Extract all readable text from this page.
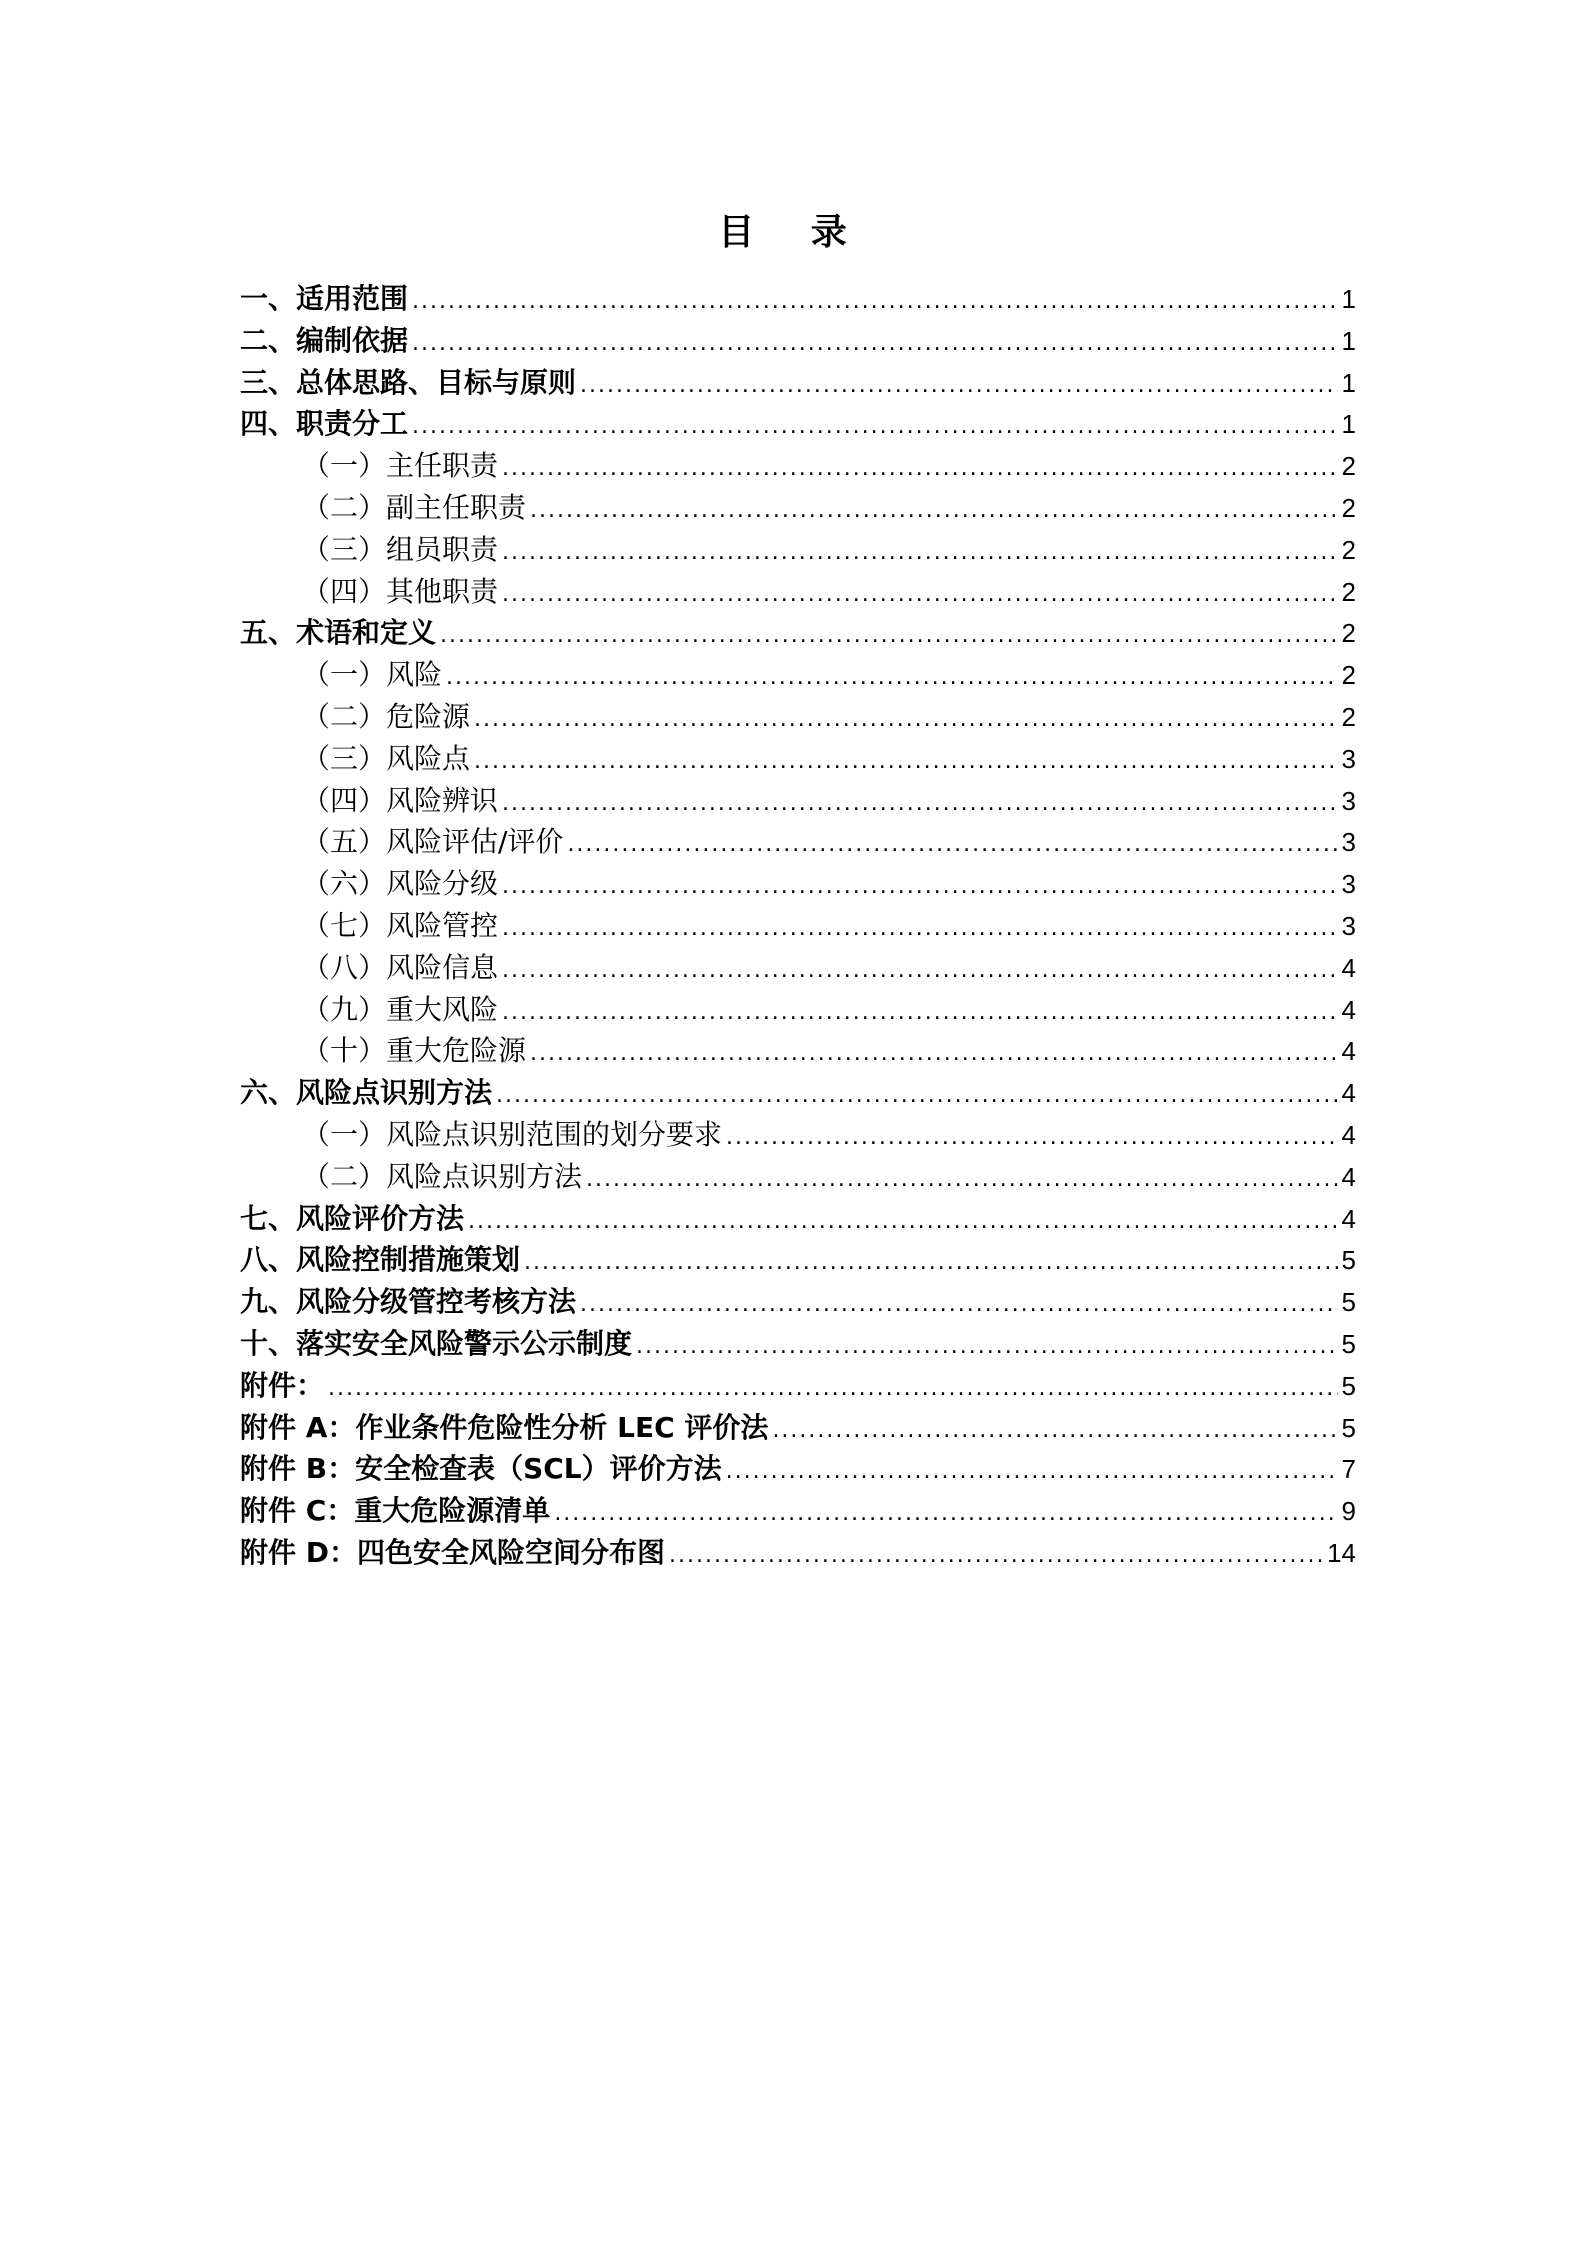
目 录
一、适用范围 .....	1
二、编制依据 .....	1
三、总体思路、目标与原则 .....	1
四、职责分工 .....	1
（一）主任职责 .....	2
（二）副主任职责 .....	2
（三）组员职责 .....	2
（四）其他职责 .....	2
五、术语和定义 .....	2
（一）风险 .....	2
（二）危险源 .....	2
（三）风险点 .....	3
（四）风险辨识 .....	3
（五）风险评估/评价 .....	3
（六）风险分级 .....	3
（七）风险管控 .....	3
（八）风险信息 .....	4
（九）重大风险 .....	4
（十）重大危险源 .....	4
六、风险点识别方法 .....	4
（一）风险点识别范围的划分要求 .....	4
（二）风险点识别方法 .....	4
七、风险评价方法 .....	4
八、风险控制措施策划 .....	5
九、风险分级管控考核方法 .....	5
十、落实安全风险警示公示制度 .....	5
附件： .....	5
附件 A：作业条件危险性分析 LEC 评价法 .....	5
附件 B：安全检查表（SCL）评价方法 .....	7
附件 C：重大危险源清单 .....	9
附件 D：四色安全风险空间分布图 .....	14
